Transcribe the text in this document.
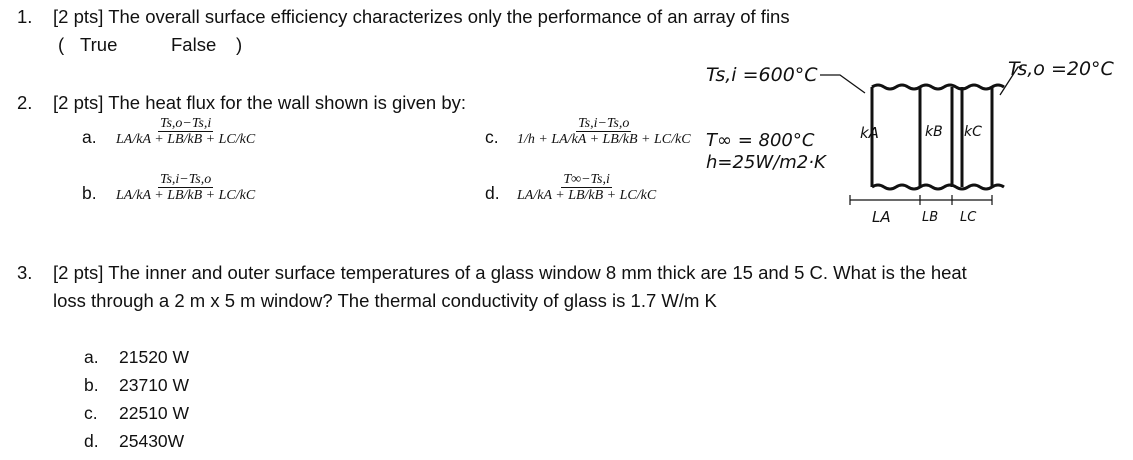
1. [2 pts] The overall surface efficiency characterizes only the performance of an array of fins
( True	False )
2. [2 pts] The heat flux for the wall shown is given by:
a. $\frac{Ts,o-Ts,i}{LA/kA + LB/kB + LC/kC}$
b. $\frac{Ts,i-Ts,o}{LA/kA + LB/kB + LC/kC}$
c. $\frac{Ts,i-Ts,o}{1/h + LA/kA + LB/kB + LC/kC}$
d. $\frac{T\infty-Ts,i}{LA/kA + LB/kB + LC/kC}$
Ts,i =600°C	Ts,o =20°C
T∞ = 800°C
h=25W/m2·K
kA	kB kC
LA LB LC
3. [2 pts] The inner and outer surface temperatures of a glass window 8 mm thick are 15 and 5 C. What is the heat
loss through a 2 m x 5 m window? The thermal conductivity of glass is 1.7 W/m K
a. 21520 W
b. 23710 W
c. 22510 W
d. 25430W
